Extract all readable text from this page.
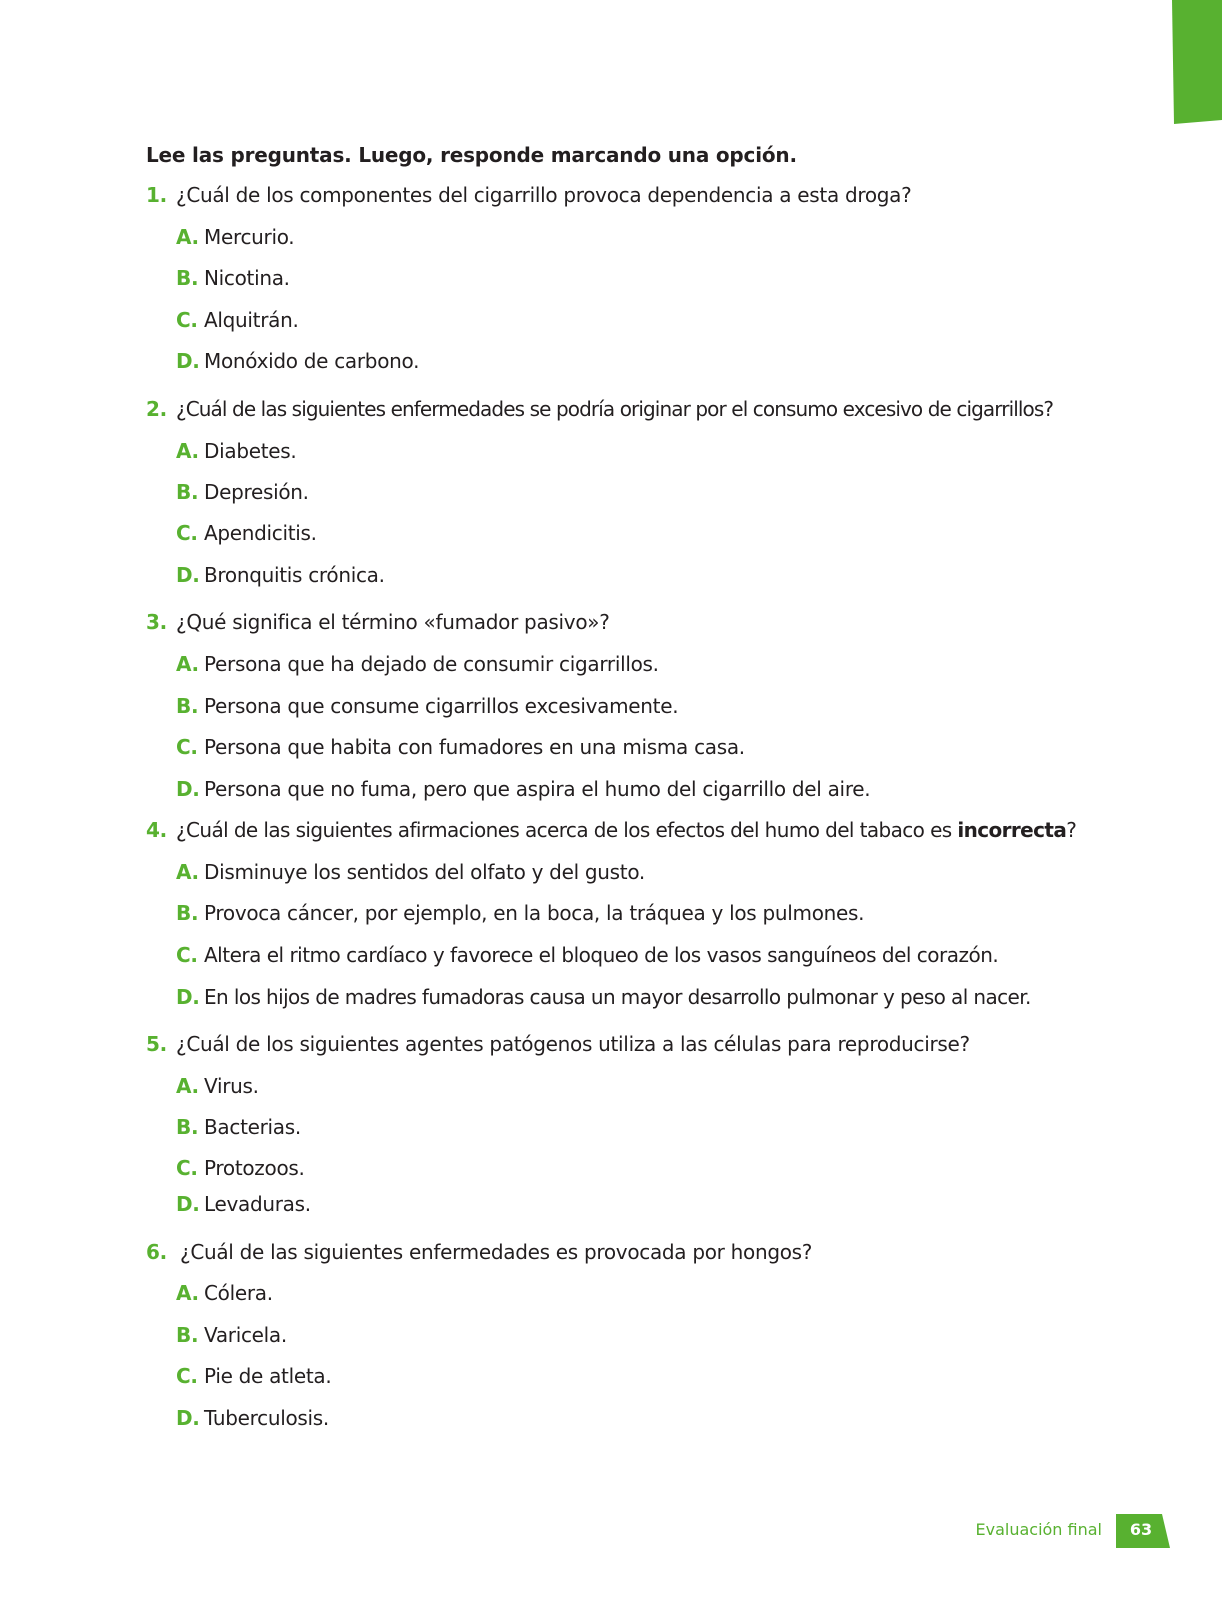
Lee las preguntas. Luego, responde marcando una opción.
1. ¿Cuál de los componentes del cigarrillo provoca dependencia a esta droga?
A. Mercurio.
B. Nicotina.
C. Alquitrán.
D. Monóxido de carbono.
2. ¿Cuál de las siguientes enfermedades se podría originar por el consumo excesivo de cigarrillos?
A. Diabetes.
B. Depresión.
C. Apendicitis.
D. Bronquitis crónica.
3. ¿Qué significa el término «fumador pasivo»?
A. Persona que ha dejado de consumir cigarrillos.
B. Persona que consume cigarrillos excesivamente.
C. Persona que habita con fumadores en una misma casa.
D. Persona que no fuma, pero que aspira el humo del cigarrillo del aire.
4. ¿Cuál de las siguientes afirmaciones acerca de los efectos del humo del tabaco es incorrecta?
A. Disminuye los sentidos del olfato y del gusto.
B. Provoca cáncer, por ejemplo, en la boca, la tráquea y los pulmones.
C. Altera el ritmo cardíaco y favorece el bloqueo de los vasos sanguíneos del corazón.
D. En los hijos de madres fumadoras causa un mayor desarrollo pulmonar y peso al nacer.
5. ¿Cuál de los siguientes agentes patógenos utiliza a las células para reproducirse?
A. Virus.
B. Bacterias.
C. Protozoos.
D. Levaduras.
6. ¿Cuál de las siguientes enfermedades es provocada por hongos?
A. Cólera.
B. Varicela.
C. Pie de atleta.
D. Tuberculosis.
Evaluación final	63
